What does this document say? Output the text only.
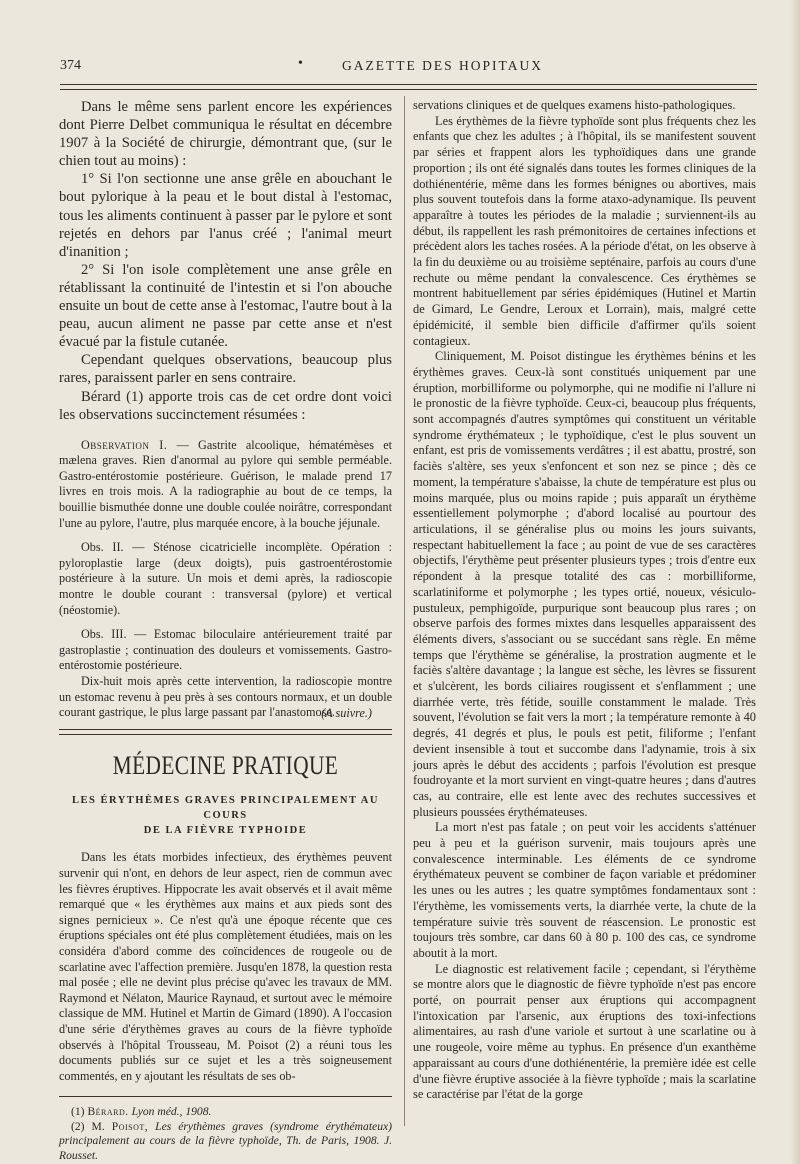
374	•	GAZETTE DES HOPITAUX

Dans le même sens parlent encore les expériences dont Pierre Delbet communiqua le résultat en décembre 1907 à la Société de chirurgie, démontrant que, (sur le chien tout au moins) :

1° Si l'on sectionne une anse grêle en abouchant le bout pylorique à la peau et le bout distal à l'estomac, tous les aliments continuent à passer par le pylore et sont rejetés en dehors par l'anus créé ; l'animal meurt d'inanition ;

2° Si l'on isole complètement une anse grêle en rétablissant la continuité de l'intestin et si l'on abouche ensuite un bout de cette anse à l'estomac, l'autre bout à la peau, aucun aliment ne passe par cette anse et n'est évacué par la fistule cutanée.

Cependant quelques observations, beaucoup plus rares, paraissent parler en sens contraire.

Bérard (1) apporte trois cas de cet ordre dont voici les observations succinctement résumées :

Observation I. — Gastrite alcoolique, hématémèses et mælena graves. Rien d'anormal au pylore qui semble perméable. Gastro-entérostomie postérieure. Guérison, le malade prend 17 livres en trois mois. A la radiographie au bout de ce temps, la bouillie bismuthée donne une double coulée noirâtre, correspondant l'une au pylore, l'autre, plus marquée encore, à la bouche jéjunale.

Obs. II. — Sténose cicatricielle incomplète. Opération : pyloroplastie large (deux doigts), puis gastroentérostomie postérieure à la suture. Un mois et demi après, la radioscopie montre le double courant : transversal (pylore) et vertical (néostomie).

Obs. III. — Estomac biloculaire antérieurement traité par gastroplastie ; continuation des douleurs et vomissements. Gastro-entérostomie postérieure.

Dix-huit mois après cette intervention, la radioscopie montre un estomac revenu à peu près à ses contours normaux, et un double courant gastrique, le plus large passant par l'anastomose.

(A suivre.)
MÉDECINE PRATIQUE
LES ÉRYTHÈMES GRAVES PRINCIPALEMENT AU COURS
DE LA FIÈVRE TYPHOIDE

Dans les états morbides infectieux, des érythèmes peuvent survenir qui n'ont, en dehors de leur aspect, rien de commun avec les fièvres éruptives. Hippocrate les avait observés et il avait même remarqué que « les érythèmes aux mains et aux pieds sont des signes pernicieux ». Ce n'est qu'à une époque récente que ces éruptions spéciales ont été plus complètement étudiées, mais on les considéra d'abord comme des coïncidences de rougeole ou de scarlatine avec l'affection première. Jusqu'en 1878, la question resta mal posée ; elle ne devint plus précise qu'avec les travaux de MM. Raymond et Nélaton, Maurice Raynaud, et surtout avec le mémoire classique de MM. Hutinel et Martin de Gimard (1890). A l'occasion d'une série d'érythèmes graves au cours de la fièvre typhoïde observés à l'hôpital Trousseau, M. Poisot (2) a réuni tous les documents publiés sur ce sujet et les a très soigneusement commentés, en y ajoutant les résultats de ses ob-

(1) Bérard. Lyon méd., 1908.

(2) M. Poisot, Les érythèmes graves (syndrome érythémateux) principalement au cours de la fièvre typhoïde, Th. de Paris, 1908. J. Rousset.

servations cliniques et de quelques examens histo-pathologiques.

Les érythèmes de la fièvre typhoïde sont plus fréquents chez les enfants que chez les adultes ; à l'hôpital, ils se manifestent souvent par séries et frappent alors les typhoïdiques dans une grande proportion ; ils ont été signalés dans toutes les formes cliniques de la dothiénentérie, même dans les formes bénignes ou abortives, mais plus souvent toutefois dans la forme ataxo-adynamique. Ils peuvent apparaître à toutes les périodes de la maladie ; surviennent-ils au début, ils rappellent les rash prémonitoires de certaines infections et précèdent alors les taches rosées. A la période d'état, on les observe à la fin du deuxième ou au troisième septénaire, parfois au cours d'une rechute ou même pendant la convalescence. Ces érythèmes se montrent habituellement par séries épidémiques (Hutinel et Martin de Gimard, Le Gendre, Leroux et Lorrain), mais, malgré cette épidémicité, il semble bien difficile d'affirmer qu'ils soient contagieux.

Cliniquement, M. Poisot distingue les érythèmes bénins et les érythèmes graves. Ceux-là sont constitués uniquement par une éruption, morbilliforme ou polymorphe, qui ne modifie ni l'allure ni le pronostic de la fièvre typhoïde. Ceux-ci, beaucoup plus fréquents, sont accompagnés d'autres symptômes qui constituent un véritable syndrome érythémateux ; le typhoïdique, c'est le plus souvent un enfant, est pris de vomissements verdâtres ; il est abattu, prostré, son faciès s'altère, ses yeux s'enfoncent et son nez se pince ; dès ce moment, la température s'abaisse, la chute de température est plus ou moins marquée, plus ou moins rapide ; puis apparaît un érythème essentiellement polymorphe ; d'abord localisé au pourtour des articulations, il se généralise plus ou moins les jours suivants, respectant habituellement la face ; au point de vue de ses caractères objectifs, l'érythème peut présenter plusieurs types ; trois d'entre eux répondent à la presque totalité des cas : morbilliforme, scarlatiniforme et polymorphe ; les types ortié, noueux, vésiculo-pustuleux, pemphigoïde, purpurique sont beaucoup plus rares ; on observe parfois des formes mixtes dans lesquelles apparaissent des éléments divers, s'associant ou se succédant sans règle. En même temps que l'érythème se généralise, la prostration augmente et le faciès s'altère davantage ; la langue est sèche, les lèvres se fissurent et s'ulcèrent, les bords ciliaires rougissent et s'enflamment ; une diarrhée verte, très fétide, souille constamment le malade. Très souvent, l'évolution se fait vers la mort ; la température remonte à 40 degrés, 41 degrés et plus, le pouls est petit, filiforme ; l'enfant devient insensible à tout et succombe dans l'adynamie, trois à six jours après le début des accidents ; parfois l'évolution est presque foudroyante et la mort survient en vingt-quatre heures ; dans d'autres cas, au contraire, elle est lente avec des rechutes successives et plusieurs poussées érythémateuses.

La mort n'est pas fatale ; on peut voir les accidents s'atténuer peu à peu et la guérison survenir, mais toujours après une convalescence interminable. Les éléments de ce syndrome érythémateux peuvent se combiner de façon variable et prédominer les unes ou les autres ; les quatre symptômes fondamentaux sont : l'érythème, les vomissements verts, la diarrhée verte, la chute de la température suivie très souvent de réascension. Le pronostic est toujours très sombre, car dans 60 à 80 p. 100 des cas, ce syndrome aboutit à la mort.

Le diagnostic est relativement facile ; cependant, si l'érythème se montre alors que le diagnostic de fièvre typhoïde n'est pas encore porté, on pourrait penser aux éruptions qui accompagnent l'intoxication par l'arsenic, aux éruptions des toxi-infections alimentaires, au rash d'une variole et surtout à une scarlatine ou à une rougeole, voire même au typhus. En présence d'un exanthème apparaissant au cours d'une dothiénentérie, la première idée est celle d'une fièvre éruptive associée à la fièvre typhoïde ; mais la scarlatine se caractérise par l'état de la gorge
